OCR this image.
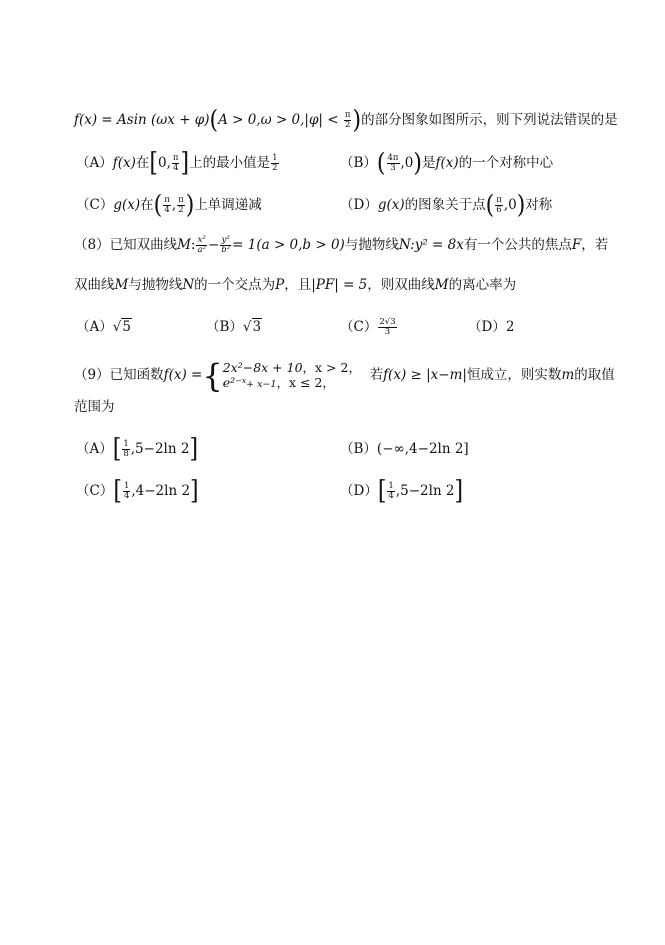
f(x) = Asin $(\omega x + \varphi)(A > 0,\omega > 0,|\varphi| < \frac{\pi}{2}$ )的部分图象如图所示，则下列说法错误的是
（A）f(x)在[0, $\frac{\pi}{4}$ ]上的最小值是 $\frac{1}{2}$	$(B)( \frac{4\pi}{3} ,0)$是f(x)的一个对称中心
（C）g(x)在( $\frac{\pi}{4}$ , $\frac{\pi}{2}$ )上单调递减	（D）g(x)的图象关于点( $\frac{\pi}{6} ,0$)对称
（8）已知双曲线M: $\frac{\text{x²}}{\text{a²}} - \frac{\text{y²}}{\text{b²}} = 1(a > 0,b > 0)$与抛物线N:y² = 8x有一个公共的焦点F，若
双曲线M与抛物线N的一个交点为P，且|PF| = 5，则双曲线M的离心率为
（A）√5	（B）√3	$(C) \frac{2√3}{3}$	（D）2
（9）已知函数f(x) ={ 2x²−8x + 10，x > 2，
e²⁻ˣ+ x−1，x ≤ 2，	若f(x) ≥ |x−m|恒成立，则实数m的取值
范围为
$(A)[ \frac{1}{8} ,5-2\ln$ 2]	（B）(−∞,4−2ln 2]
$(C)[ \frac{1}{4} ,4-2\ln$ 2]	$(D)[ \frac{1}{4} ,5-2\ln$ 2]
